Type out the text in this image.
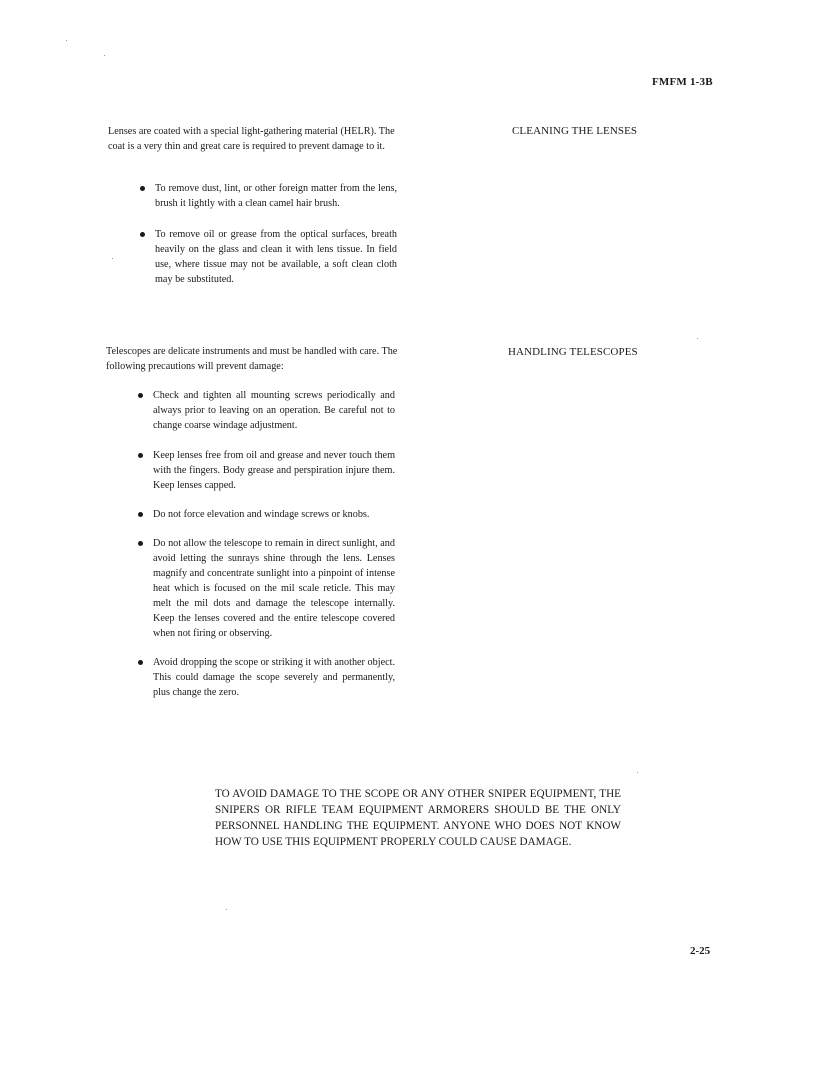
FMFM 1-3B
CLEANING THE LENSES

Lenses are coated with a special light-gathering material (HELR). The coat is a very thin and great care is required to prevent damage to it.

To remove dust, lint, or other foreign matter from the lens, brush it lightly with a clean camel hair brush.
To remove oil or grease from the optical surfaces, breath heavily on the glass and clean it with lens tissue. In field use, where tissue may not be available, a soft clean cloth may be substituted.
HANDLING TELESCOPES

Telescopes are delicate instruments and must be handled with care. The following precautions will prevent damage:

Check and tighten all mounting screws periodically and always prior to leaving on an operation. Be careful not to change coarse windage adjustment.
Keep lenses free from oil and grease and never touch them with the fingers. Body grease and perspiration injure them. Keep lenses capped.
Do not force elevation and windage screws or knobs.
Do not allow the telescope to remain in direct sunlight, and avoid letting the sunrays shine through the lens. Lenses magnify and concentrate sunlight into a pinpoint of intense heat which is focused on the mil scale reticle. This may melt the mil dots and damage the telescope internally. Keep the lenses covered and the entire telescope covered when not firing or observing.
Avoid dropping the scope or striking it with another object. This could damage the scope severely and permanently, plus change the zero.

TO AVOID DAMAGE TO THE SCOPE OR ANY OTHER SNIPER EQUIPMENT, THE SNIPERS OR RIFLE TEAM EQUIPMENT ARMORERS SHOULD BE THE ONLY PERSONNEL HANDLING THE EQUIPMENT. ANYONE WHO DOES NOT KNOW HOW TO USE THIS EQUIPMENT PROPERLY COULD CAUSE DAMAGE.

2-25
